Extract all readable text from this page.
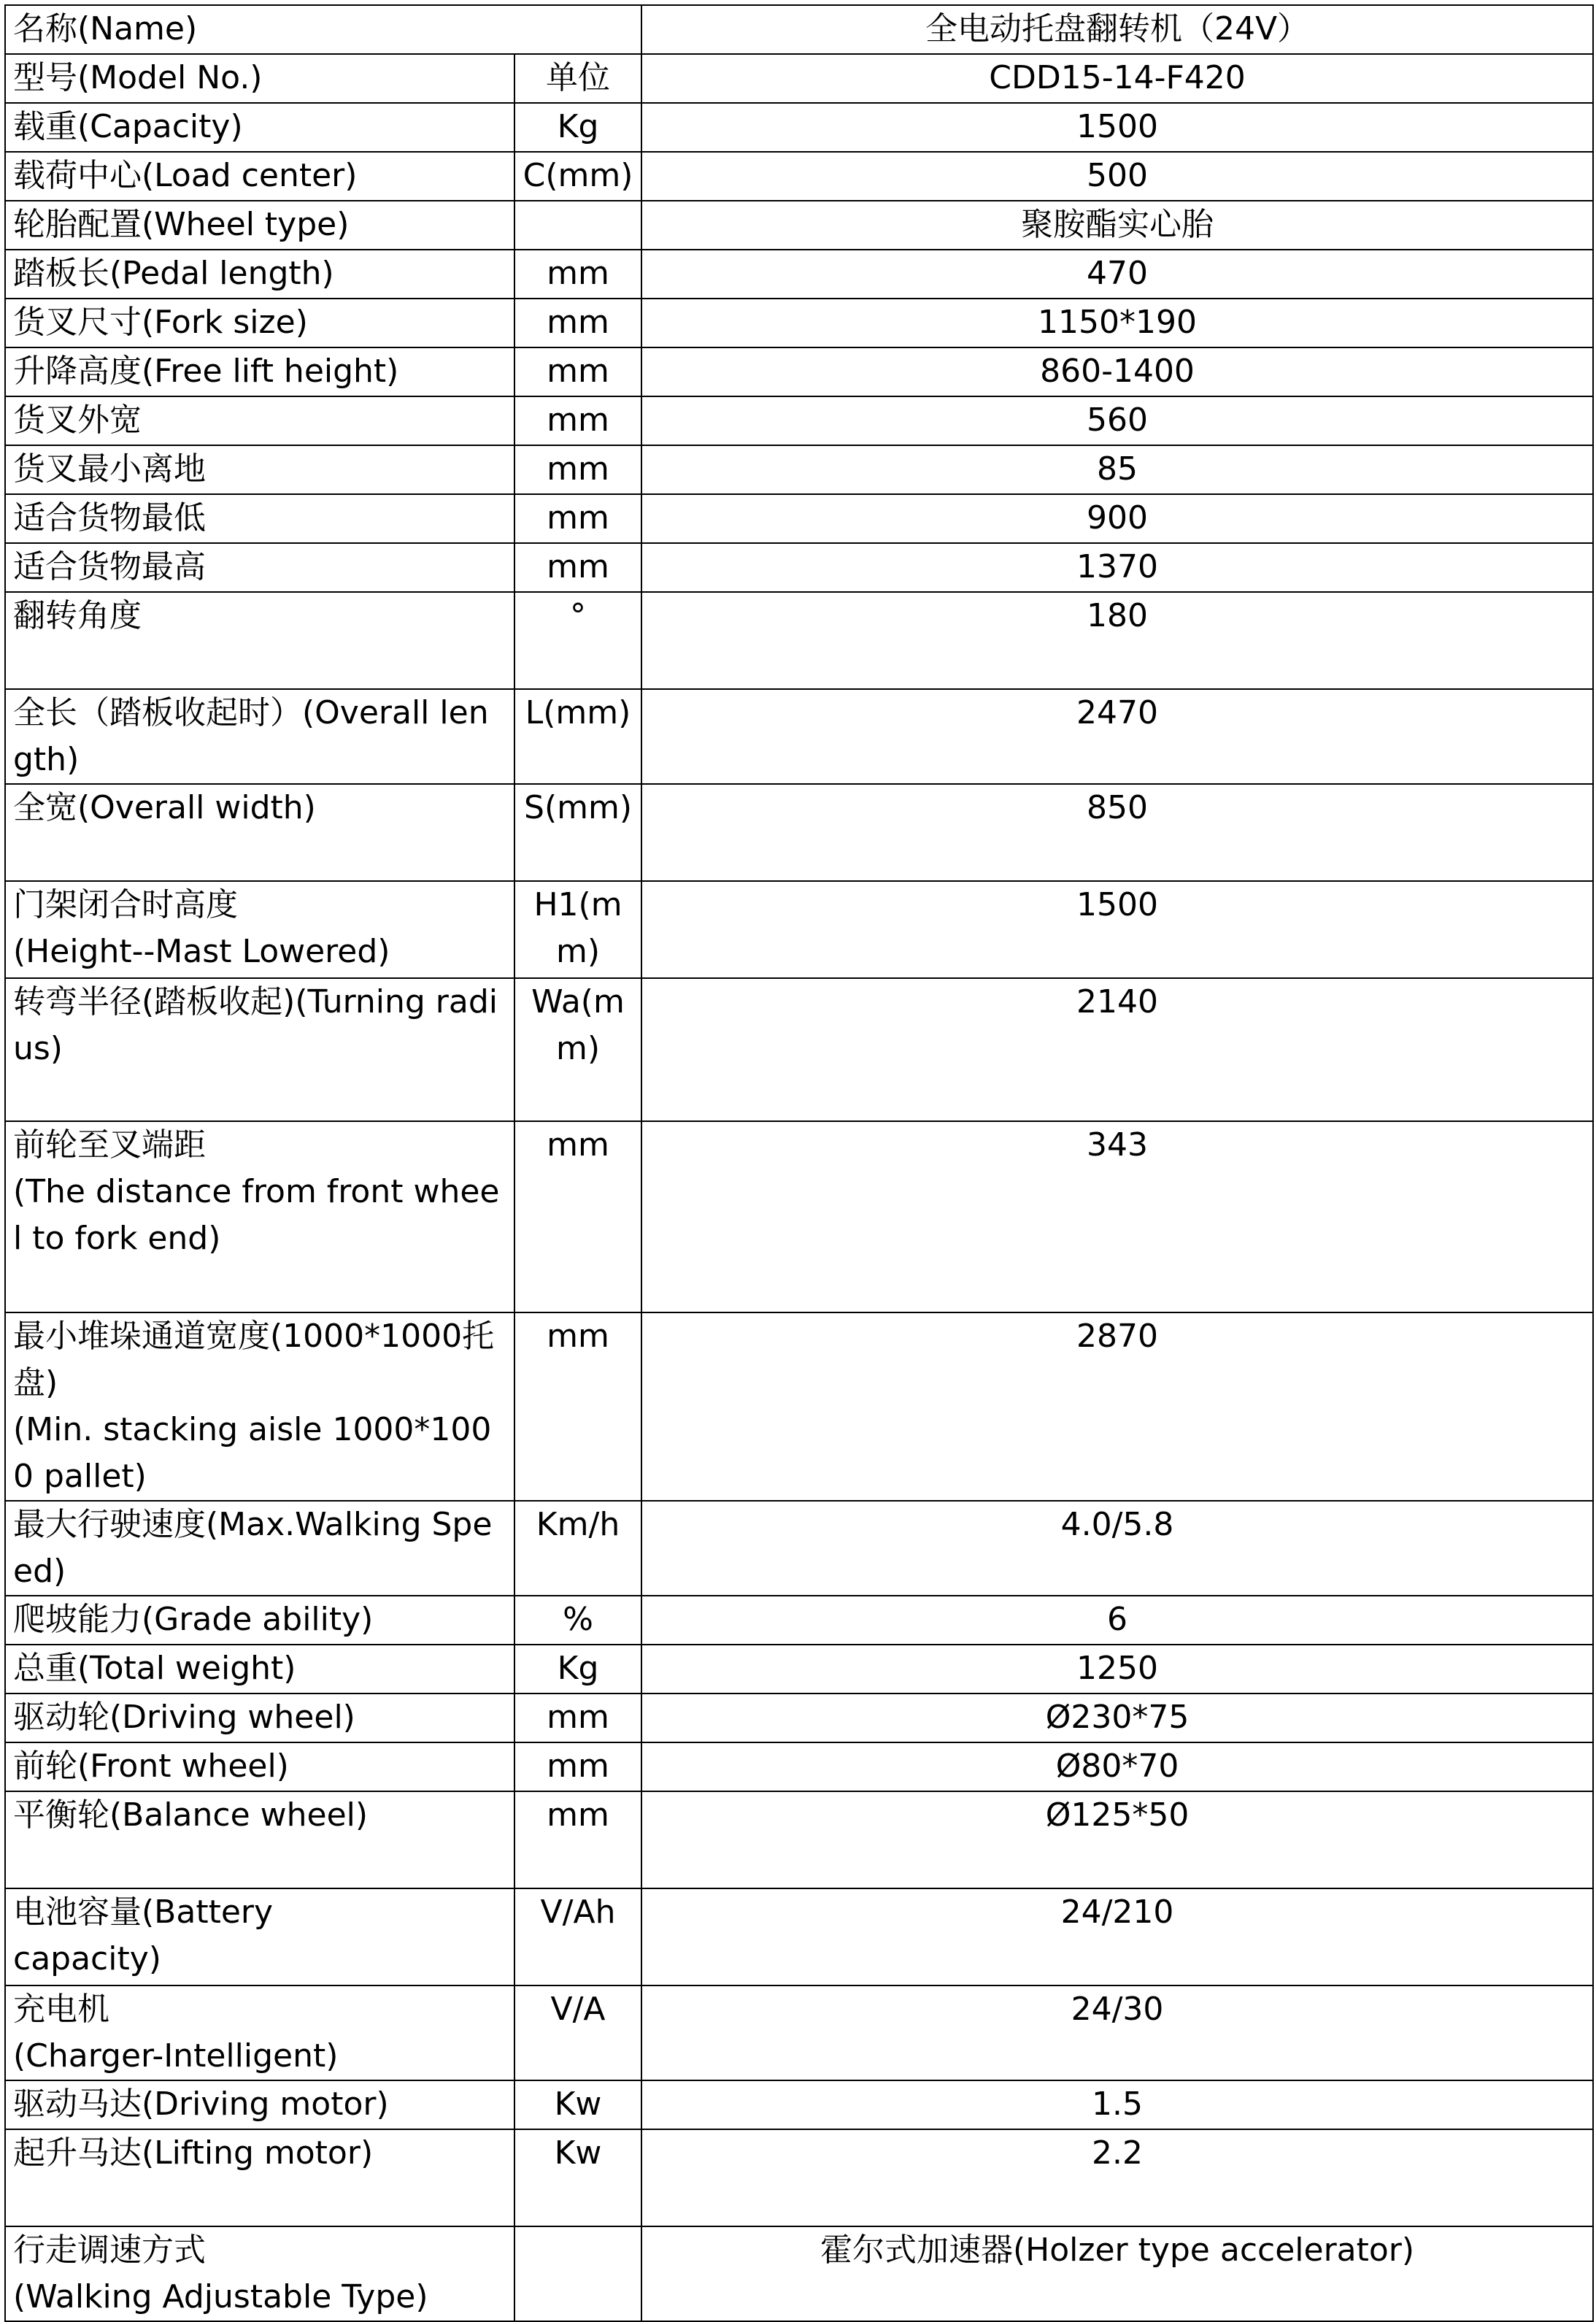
名称(Name)		全电动托盘翻转机（24V）
型号(Model No.)	单位	CDD15-14-F420
载重(Capacity)	Kg	1500
载荷中心(Load center)	C(mm)	500
轮胎配置(Wheel type)		聚胺酯实心胎
踏板长(Pedal length)	mm	470
货叉尺寸(Fork size)	mm	1150*190
升降高度(Free lift height)	mm	860-1400
货叉外宽	mm	560
货叉最小离地	mm	85
适合货物最低	mm	900
适合货物最高	mm	1370
翻转角度	°	180
全长（踏板收起时）(Overall length)	L(mm)	2470
全宽(Overall width)	S(mm)	850
门架闭合时高度
(Height--Mast Lowered)	H1(mm)	1500
转弯半径(踏板收起)(Turning radius)	Wa(mm)	2140
前轮至叉端距
(The distance from front wheel to fork end)	mm	343
最小堆垛通道宽度(1000*1000托盘)
(Min. stacking aisle 1000*1000 pallet)	mm	2870
最大行驶速度(Max.Walking Speed)	Km/h	4.0/5.8
爬坡能力(Grade ability)	%	6
总重(Total weight)	Kg	1250
驱动轮(Driving wheel)	mm	Ø230*75
前轮(Front wheel)	mm	Ø80*70
平衡轮(Balance wheel)	mm	Ø125*50
电池容量(Battery
capacity)	V/Ah	24/210
充电机
(Charger-Intelligent)	V/A	24/30
驱动马达(Driving motor)	Kw	1.5
起升马达(Lifting motor)	Kw	2.2
行走调速方式
(Walking Adjustable Type)		霍尔式加速器(Holzer type accelerator)
